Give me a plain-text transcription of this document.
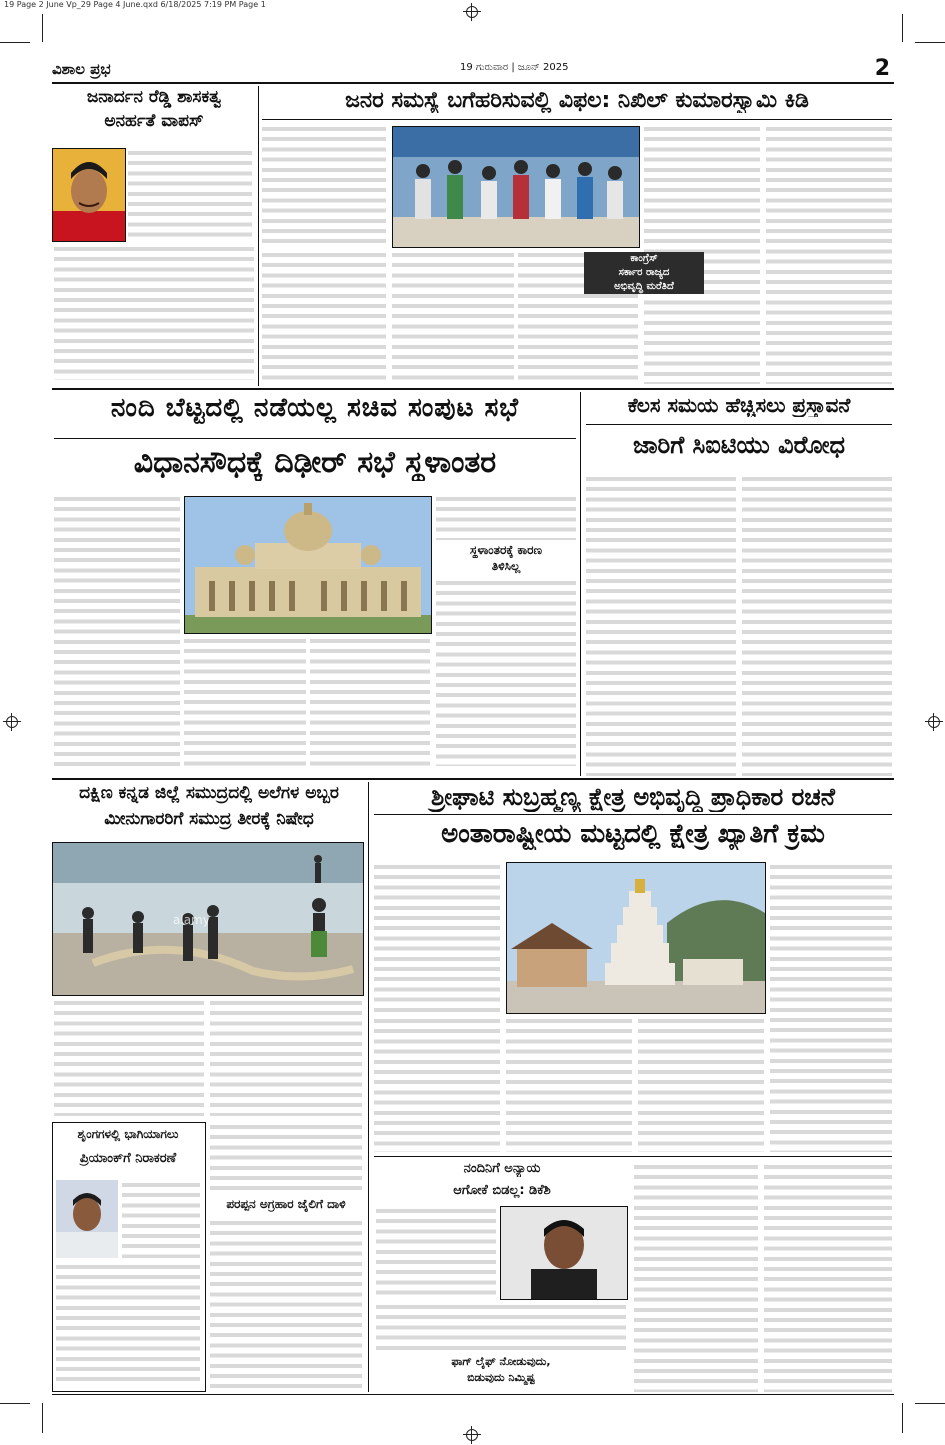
19 Page 2 June Vp_29 Page 4 June.qxd 6/18/2025 7:19 PM Page 1
ವಿಶಾಲ ಪ್ರಭ	19 ಗುರುವಾರ | ಜೂನ್ 2025	2
ಜನಾರ್ದನ ರೆಡ್ಡಿ ಶಾಸಕತ್ವ
ಅನರ್ಹತೆ ವಾಪಸ್
ಜನರ ಸಮಸ್ಯೆ ಬಗೆಹರಿಸುವಲ್ಲಿ ವಿಫಲ: ನಿಖಿಲ್ ಕುಮಾರಸ್ವಾಮಿ ಕಿಡಿ
ಕಾಂಗ್ರೆಸ್
ಸರ್ಕಾರ ರಾಜ್ಯದ
ಅಭಿವೃದ್ಧಿ ಮರೆತಿದೆ
ನಂದಿ ಬೆಟ್ಟದಲ್ಲಿ ನಡೆಯಲ್ಲ ಸಚಿವ ಸಂಪುಟ ಸಭೆ
ವಿಧಾನಸೌಧಕ್ಕೆ ದಿಢೀರ್ ಸಭೆ ಸ್ಥಳಾಂತರ
ಸ್ಥಳಾಂತರಕ್ಕೆ ಕಾರಣ
ತಿಳಿಸಿಲ್ಲ
ಕೆಲಸ ಸಮಯ ಹೆಚ್ಚಿಸಲು ಪ್ರಸ್ತಾವನೆ
ಜಾರಿಗೆ ಸಿಐಟಿಯು ವಿರೋಧ
ದಕ್ಷಿಣ ಕನ್ನಡ ಜಿಲ್ಲೆ ಸಮುದ್ರದಲ್ಲಿ ಅಲೆಗಳ ಅಬ್ಬರ
ಮೀನುಗಾರರಿಗೆ ಸಮುದ್ರ ತೀರಕ್ಕೆ ನಿಷೇಧ
alamy
ಶೃಂಗಗಳಲ್ಲಿ ಭಾಗಿಯಾಗಲು
ಪ್ರಿಯಾಂಕ್‌ಗೆ ನಿರಾಕರಣೆ
ಪರಪ್ಪನ ಅಗ್ರಹಾರ ಜೈಲಿಗೆ ದಾಳಿ
ಶ್ರೀಘಾಟಿ ಸುಬ್ರಹ್ಮಣ್ಯ ಕ್ಷೇತ್ರ ಅಭಿವೃದ್ಧಿ ಪ್ರಾಧಿಕಾರ ರಚನೆ
ಅಂತಾರಾಷ್ಟ್ರೀಯ ಮಟ್ಟದಲ್ಲಿ ಕ್ಷೇತ್ರ ಖ್ಯಾತಿಗೆ ಕ್ರಮ
ನಂದಿನಿಗೆ ಅನ್ಯಾಯ
ಆಗೋಕೆ ಬಿಡಲ್ಲ: ಡಿಕೆಶಿ
ಫಾಗ್ ಲೈಫ್ ನೋಡುವುದು,
ಬಿಡುವುದು ನಿಮ್ಮಿಷ್ಟ
